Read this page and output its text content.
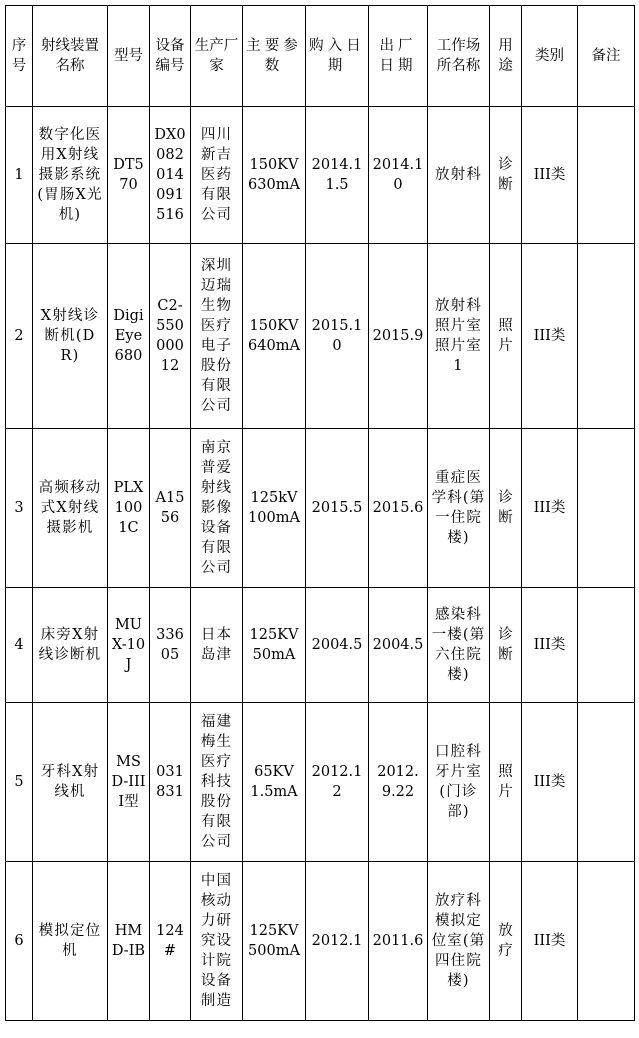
序号	射线装置名称	型号	设备编号	生产厂家	主要参数	购入日期	出厂日期	工作场所名称	用途	类别	备注
1	数字化医用X射线摄影系统(胃肠X光机)	DT570	DX0082014091516	四川新吉医药有限公司	150KV 630mA	2014.11.5	2014.10	放射科	诊断	III类	
2	X射线诊断机(DR)	DigiEye680	C2-55000012	深圳迈瑞生物医疗电子股份有限公司	150KV 640mA	2015.10	2015.9	放射科照片室照片室1	照片	III类	
3	高频移动式X射线摄影机	PLX1001C	A1556	南京普爱射线影像设备有限公司	125kV 100mA	2015.5	2015.6	重症医学科(第一住院楼)	诊断	III类	
4	床旁X射线诊断机	MUX-10J	33605	日本岛津	125KV 50mA	2004.5	2004.5	感染科一楼(第六住院楼)	诊断	III类	
5	牙科X射线机	MSD-IIII型	031831	福建梅生医疗科技股份有限公司	65KV 1.5mA	2012.12	2012.9.22	口腔科牙片室(门诊部)	照片	III类	
6	模拟定位机	HMD-IB	124#	中国核动力研究设计院设备制造	125KV 500mA	2012.1	2011.6	放疗科模拟定位室(第四住院楼)	放疗	III类	
